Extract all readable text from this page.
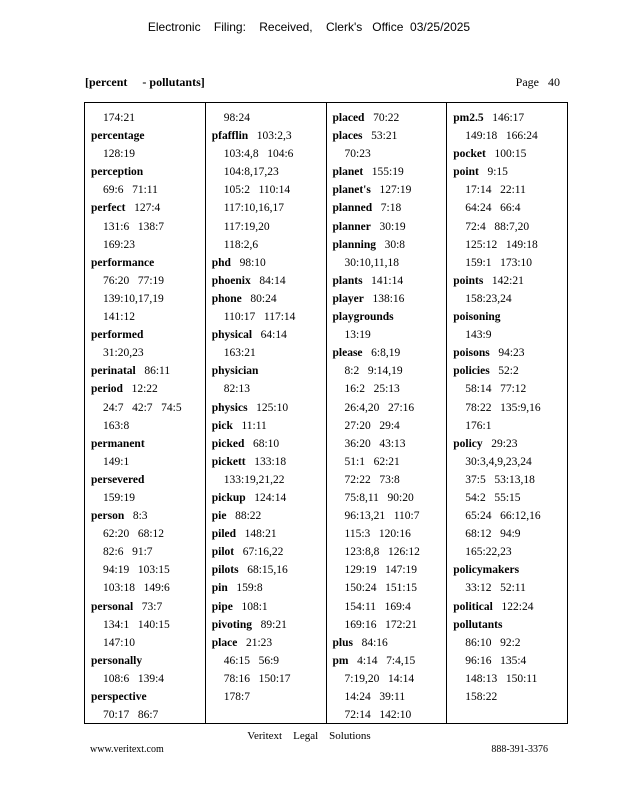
Electronic    Filing:    Received,    Clerk's   Office  03/25/2025
[percent     - pollutants]	Page   40
174:21
percentage
128:19
perception
69:6   71:11
perfect 127:4
131:6   138:7
169:23
performance
76:20   77:19
139:10,17,19
141:12
performed
31:20,23
perinatal 86:11
period 12:22
24:7   42:7   74:5
163:8
permanent
149:1
persevered
159:19
person 8:3
62:20   68:12
82:6   91:7
94:19   103:15
103:18   149:6
personal 73:7
134:1   140:15
147:10
personally
108:6   139:4
perspective
70:17   86:7
98:24
pfafflin 103:2,3
103:4,8   104:6
104:8,17,23
105:2   110:14
117:10,16,17
117:19,20
118:2,6
phd 98:10
phoenix 84:14
phone 80:24
110:17   117:14
physical 64:14
163:21
physician
82:13
physics 125:10
pick 11:11
picked 68:10
pickett 133:18
133:19,21,22
pickup 124:14
pie 88:22
piled 148:21
pilot 67:16,22
pilots 68:15,16
pin 159:8
pipe 108:1
pivoting 89:21
place 21:23
46:15   56:9
78:16   150:17
178:7
placed 70:22
places 53:21
70:23
planet 155:19
planet's 127:19
planned 7:18
planner 30:19
planning 30:8
30:10,11,18
plants 141:14
player 138:16
playgrounds
13:19
please 6:8,19
8:2   9:14,19
16:2   25:13
26:4,20   27:16
27:20   29:4
36:20   43:13
51:1   62:21
72:22   73:8
75:8,11   90:20
96:13,21   110:7
115:3   120:16
123:8,8   126:12
129:19   147:19
150:24   151:15
154:11   169:4
169:16   172:21
plus 84:16
pm 4:14   7:4,15
7:19,20   14:14
14:24   39:11
72:14   142:10
pm2.5 146:17
149:18   166:24
pocket 100:15
point 9:15
17:14   22:11
64:24   66:4
72:4   88:7,20
125:12   149:18
159:1   173:10
points 142:21
158:23,24
poisoning
143:9
poisons 94:23
policies 52:2
58:14   77:12
78:22   135:9,16
176:1
policy 29:23
30:3,4,9,23,24
37:5   53:13,18
54:2   55:15
65:24   66:12,16
68:12   94:9
165:22,23
policymakers
33:12   52:11
political 122:24
pollutants
86:10   92:2
96:16   135:4
148:13   150:11
158:22
Veritext    Legal    Solutions
www.veritext.com	888-391-3376
